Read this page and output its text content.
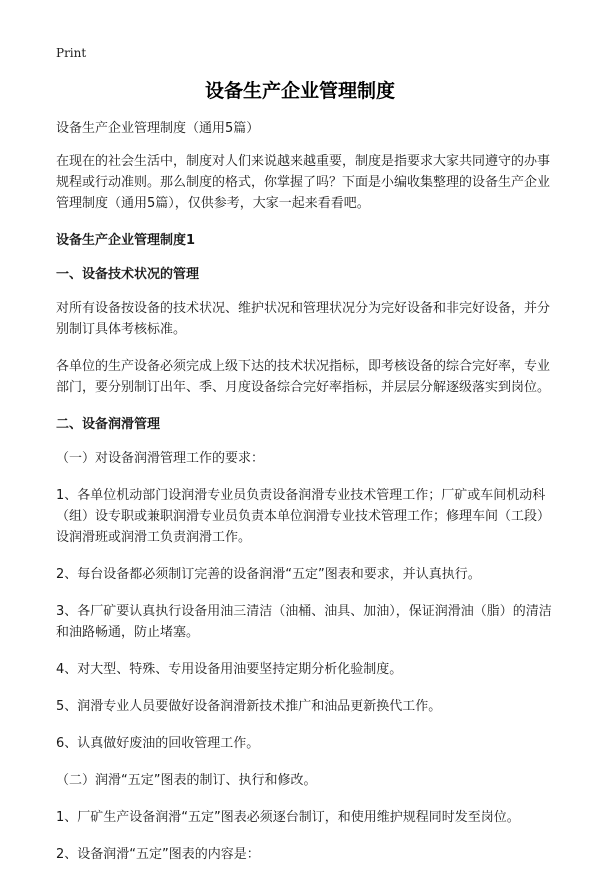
Print
设备生产企业管理制度

设备生产企业管理制度（通用5篇）

在现在的社会生活中，制度对人们来说越来越重要，制度是指要求大家共同遵守的办事规程或行动准则。那么制度的格式，你掌握了吗？下面是小编收集整理的设备生产企业管理制度（通用5篇），仅供参考，大家一起来看看吧。

设备生产企业管理制度1

一、设备技术状况的管理

对所有设备按设备的技术状况、维护状况和管理状况分为完好设备和非完好设备，并分别制订具体考核标准。

各单位的生产设备必须完成上级下达的技术状况指标，即考核设备的综合完好率，专业部门，要分别制订出年、季、月度设备综合完好率指标，并层层分解逐级落实到岗位。

二、设备润滑管理

（一）对设备润滑管理工作的要求：

1、各单位机动部门设润滑专业员负责设备润滑专业技术管理工作；厂矿或车间机动科（组）设专职或兼职润滑专业员负责本单位润滑专业技术管理工作；修理车间（工段）设润滑班或润滑工负责润滑工作。

2、每台设备都必须制订完善的设备润滑“五定”图表和要求，并认真执行。

3、各厂矿要认真执行设备用油三清洁（油桶、油具、加油），保证润滑油（脂）的清洁和油路畅通，防止堵塞。

4、对大型、特殊、专用设备用油要坚持定期分析化验制度。

5、润滑专业人员要做好设备润滑新技术推广和油品更新换代工作。

6、认真做好废油的回收管理工作。

（二）润滑“五定”图表的制订、执行和修改。

1、厂矿生产设备润滑“五定”图表必须逐台制订，和使用维护规程同时发至岗位。

2、设备润滑“五定”图表的内容是：
